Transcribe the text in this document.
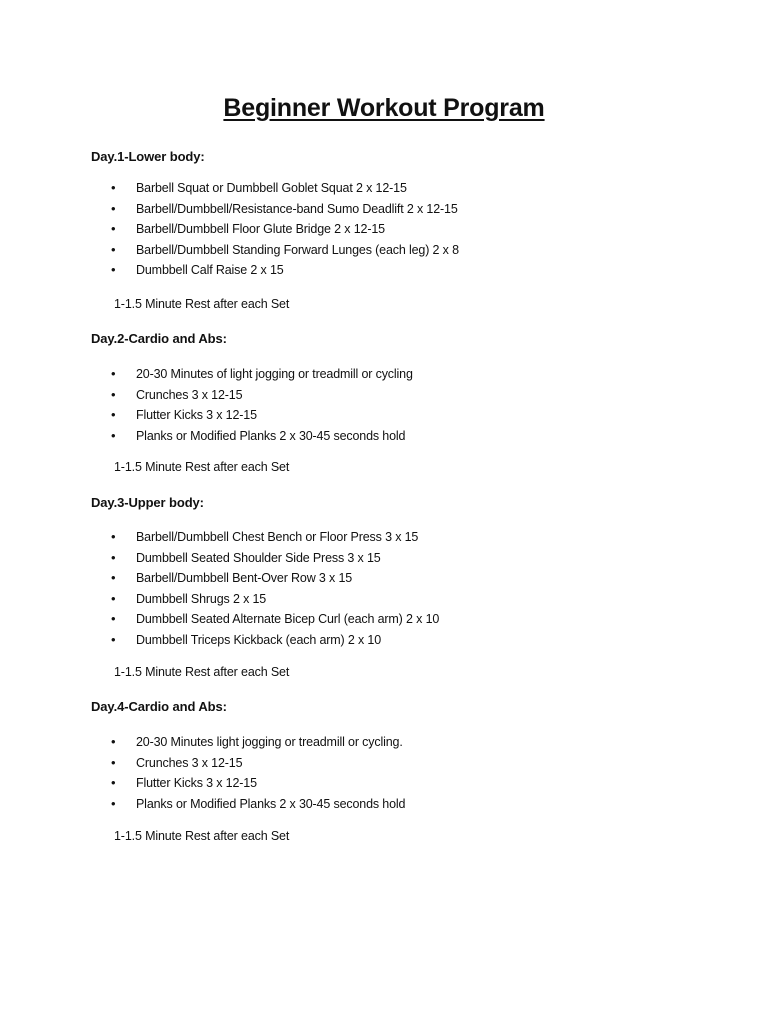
Beginner Workout Program

Day.1-Lower body:

• Barbell Squat or Dumbbell Goblet Squat 2 x 12-15
• Barbell/Dumbbell/Resistance-band Sumo Deadlift 2 x 12-15
• Barbell/Dumbbell Floor Glute Bridge 2 x 12-15
• Barbell/Dumbbell Standing Forward Lunges (each leg) 2 x 8
• Dumbbell Calf Raise 2 x 15

1-1.5 Minute Rest after each Set

Day.2-Cardio and Abs:

• 20-30 Minutes of light jogging or treadmill or cycling
• Crunches 3 x 12-15
• Flutter Kicks 3 x 12-15
• Planks or Modified Planks 2 x 30-45 seconds hold

1-1.5 Minute Rest after each Set

Day.3-Upper body:

• Barbell/Dumbbell Chest Bench or Floor Press 3 x 15
• Dumbbell Seated Shoulder Side Press 3 x 15
• Barbell/Dumbbell Bent-Over Row 3 x 15
• Dumbbell Shrugs 2 x 15
• Dumbbell Seated Alternate Bicep Curl (each arm) 2 x 10
• Dumbbell Triceps Kickback (each arm) 2 x 10

1-1.5 Minute Rest after each Set

Day.4-Cardio and Abs:

• 20-30 Minutes light jogging or treadmill or cycling.
• Crunches 3 x 12-15
• Flutter Kicks 3 x 12-15
• Planks or Modified Planks 2 x 30-45 seconds hold

1-1.5 Minute Rest after each Set
